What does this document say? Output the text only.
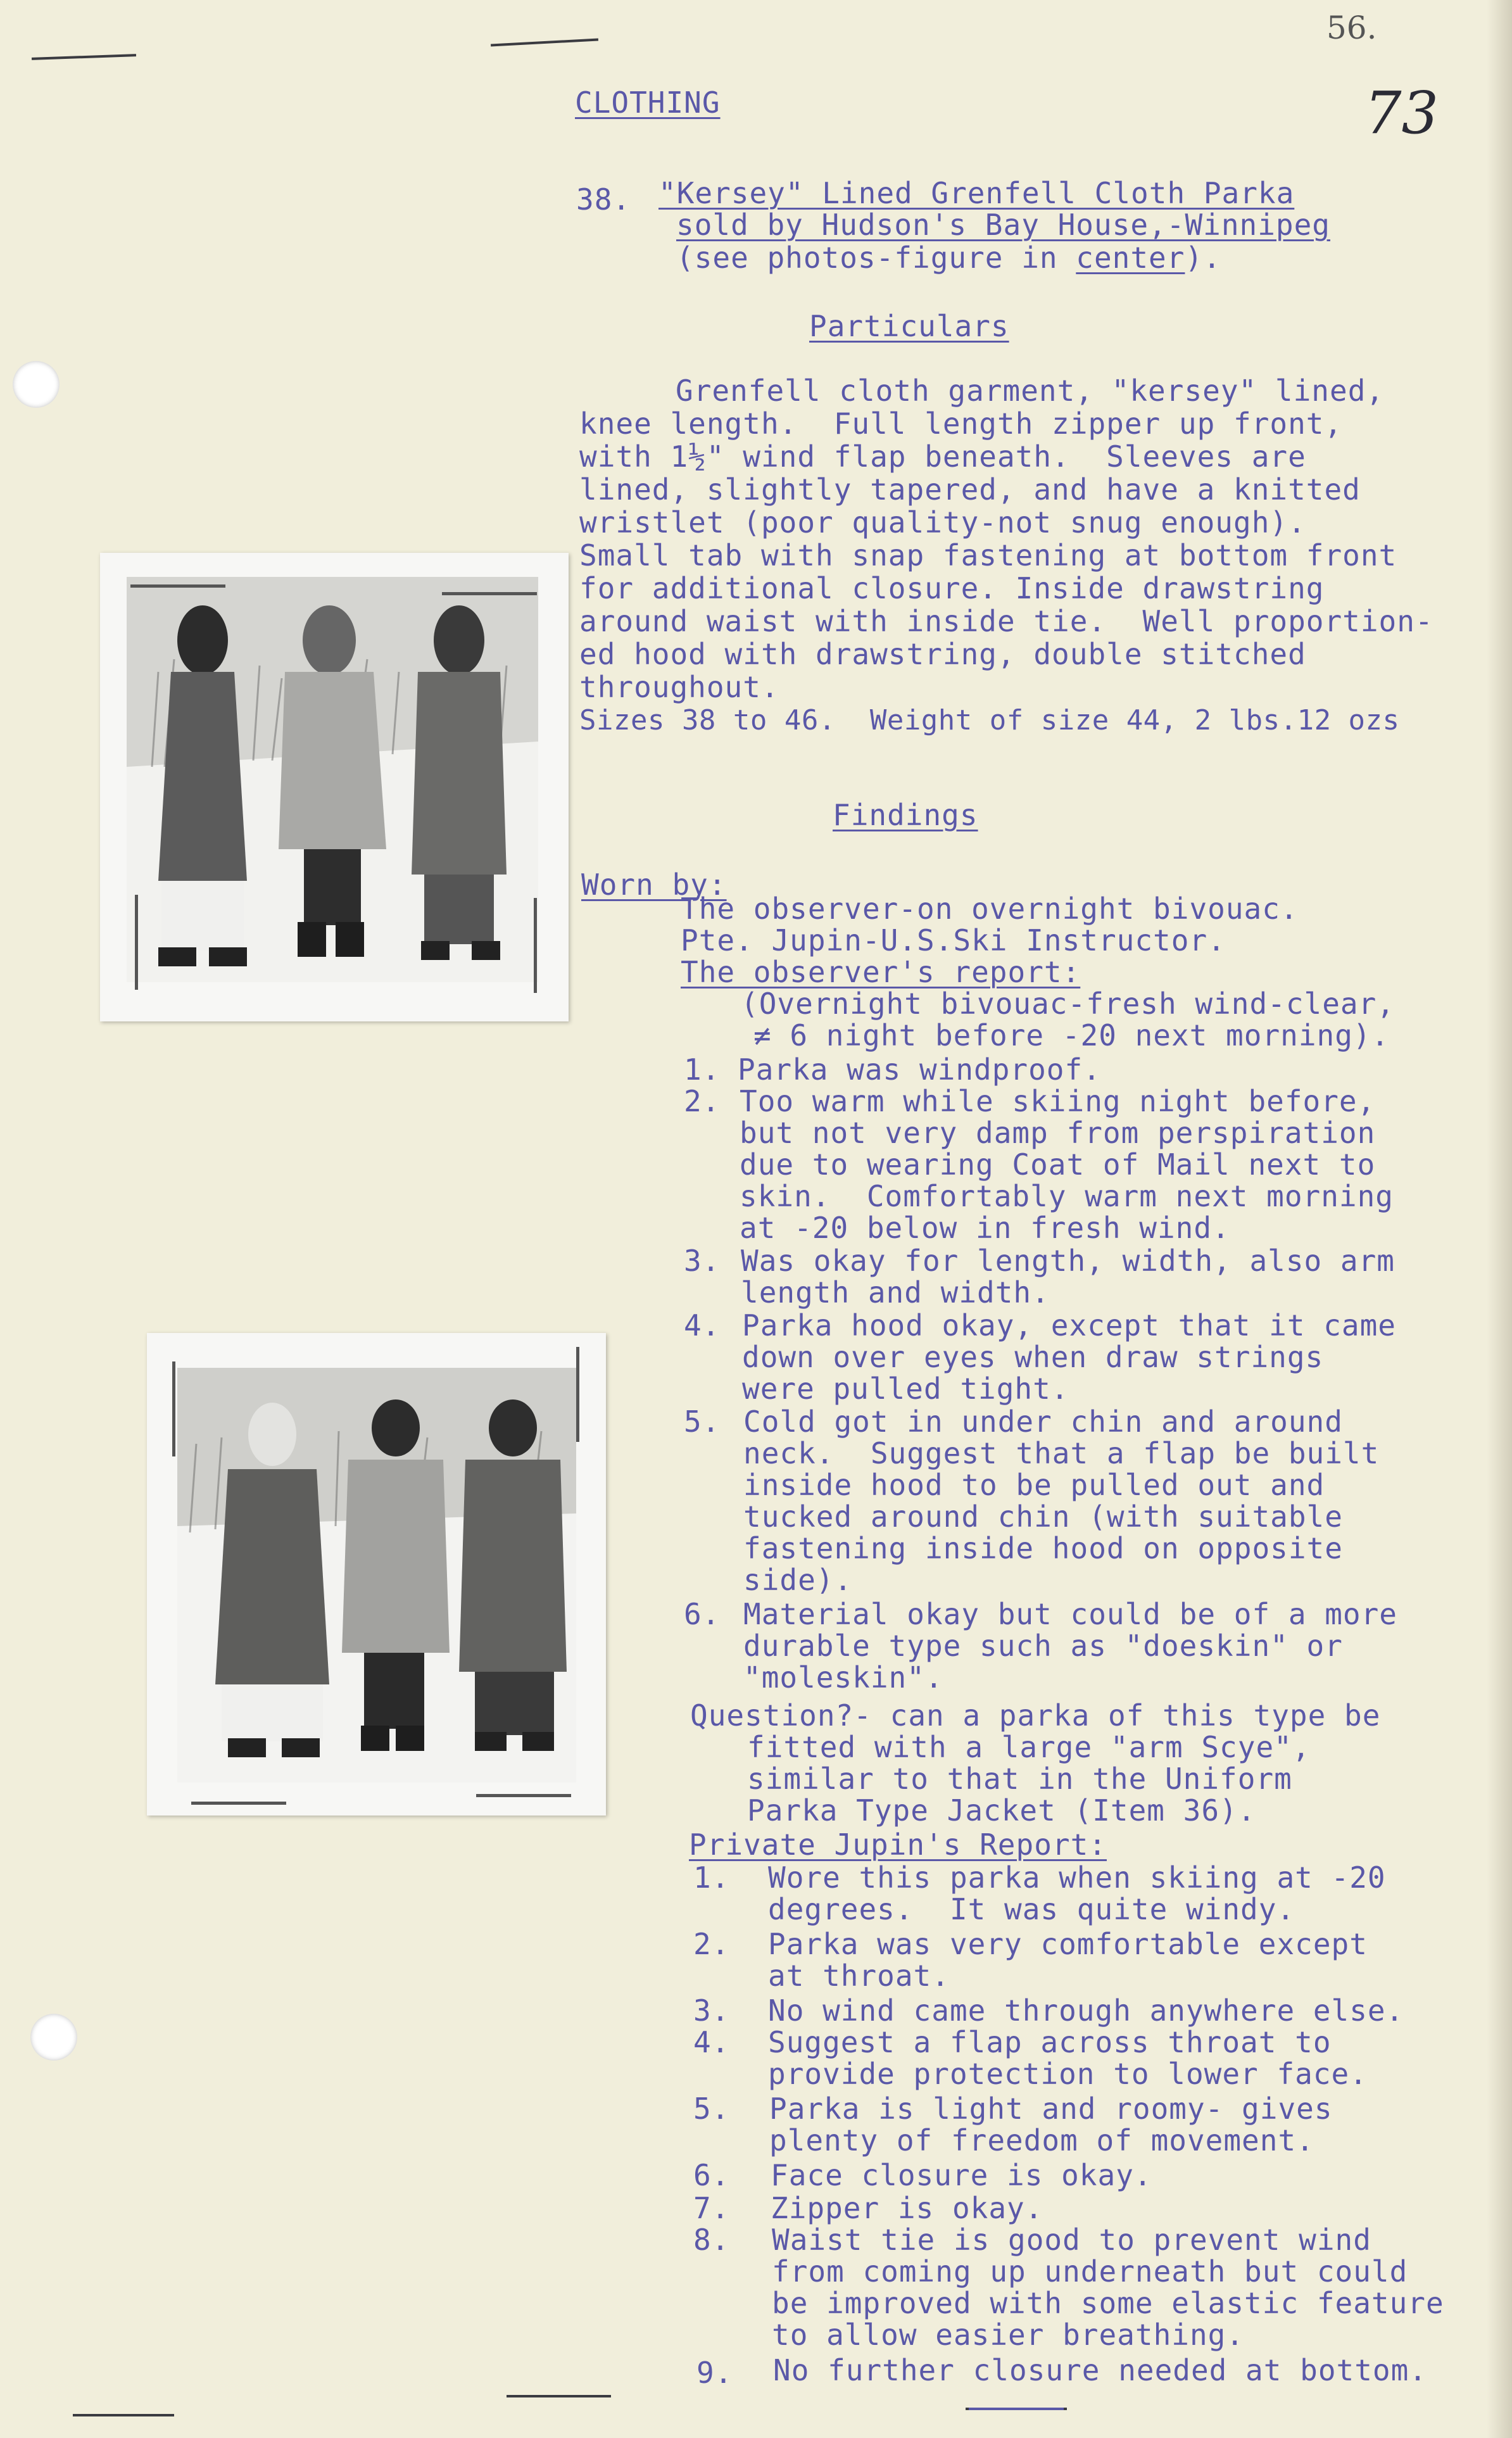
56.
73
CLOTHING
38. "Kersey" Lined Grenfell Cloth Parka
sold by Hudson's Bay House,-Winnipeg
(see photos-figure in center).
Particulars
Grenfell cloth garment, "kersey" lined,
knee length.  Full length zipper up front,
with 1½" wind flap beneath.  Sleeves are
lined, slightly tapered, and have a knitted
wristlet (poor quality-not snug enough).
Small tab with snap fastening at bottom front
for additional closure. Inside drawstring
around waist with inside tie.  Well proportion-
ed hood with drawstring, double stitched
throughout.
Sizes 38 to 46.  Weight of size 44, 2 lbs.12 ozs
Findings
Worn by:
The observer-on overnight bivouac.
Pte. Jupin-U.S.Ski Instructor.
The observer's report:
(Overnight bivouac-fresh wind-clear,
≠ 6 night before -20 next morning).
1. Parka was windproof.
2. Too warm while skiing night before,
but not very damp from perspiration
due to wearing Coat of Mail next to
skin.  Comfortably warm next morning
at -20 below in fresh wind.
3. Was okay for length, width, also arm
length and width.
4. Parka hood okay, except that it came
down over eyes when draw strings
were pulled tight.
5. Cold got in under chin and around
neck.  Suggest that a flap be built
inside hood to be pulled out and
tucked around chin (with suitable
fastening inside hood on opposite
side).
6. Material okay but could be of a more
durable type such as "doeskin" or
"moleskin".
Question?- can a parka of this type be
fitted with a large "arm Scye",
similar to that in the Uniform
Parka Type Jacket (Item 36).
Private Jupin's Report:
1. Wore this parka when skiing at -20
degrees.  It was quite windy.
2. Parka was very comfortable except
at throat.
3. No wind came through anywhere else.
4. Suggest a flap across throat to
provide protection to lower face.
5. Parka is light and roomy- gives
plenty of freedom of movement.
6. Face closure is okay.
7. Zipper is okay.
8. Waist tie is good to prevent wind
from coming up underneath but could
be improved with some elastic feature
to allow easier breathing.
9. No further closure needed at bottom.
